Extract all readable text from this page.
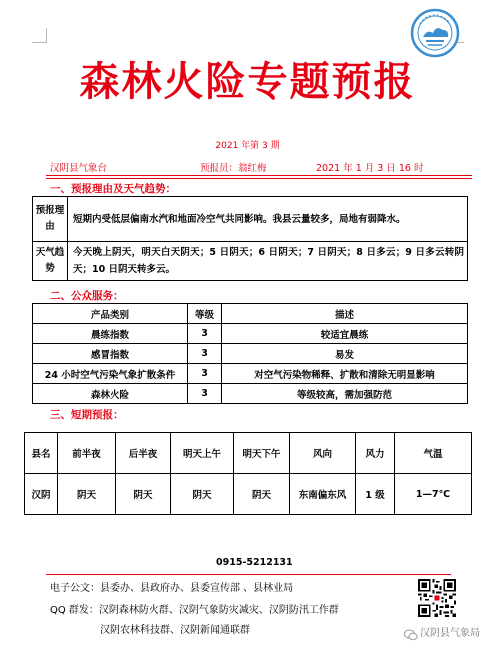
森林火险专题预报
2021 年第 3 期
汉阴县气象台	预报员：翁红梅	2021 年 1 月 3 日 16 时
一、预报理由及天气趋势：
预报理由	短期内受低层偏南水汽和地面冷空气共同影响。我县云量较多，局地有弱降水。
天气趋势	今天晚上阴天，明天白天阴天；5 日阴天；6 日阴天；7 日阴天；8 日多云；9 日多云转阴天；10 日阴天转多云。
二、公众服务：
产品类别	等级	描述
晨练指数	3	较适宜晨练
感冒指数	3	易发
24 小时空气污染气象扩散条件	3	对空气污染物稀释、扩散和清除无明显影响
森林火险	3	等级较高，需加强防范
三、短期预报：
县名	前半夜	后半夜	明天上午	明天下午	风向	风力	气温
汉阴	阴天	阴天	阴天	阴天	东南偏东风	1 级	1—7℃
0915-5212131
电子公文：县委办、县政府办、县委宣传部 、县林业局
QQ 群发：汉阴森林防火群、汉阴气象防灾减灾、汉阴防汛工作群
汉阴农林科技群、汉阴新闻通联群	汉阴县气象局
